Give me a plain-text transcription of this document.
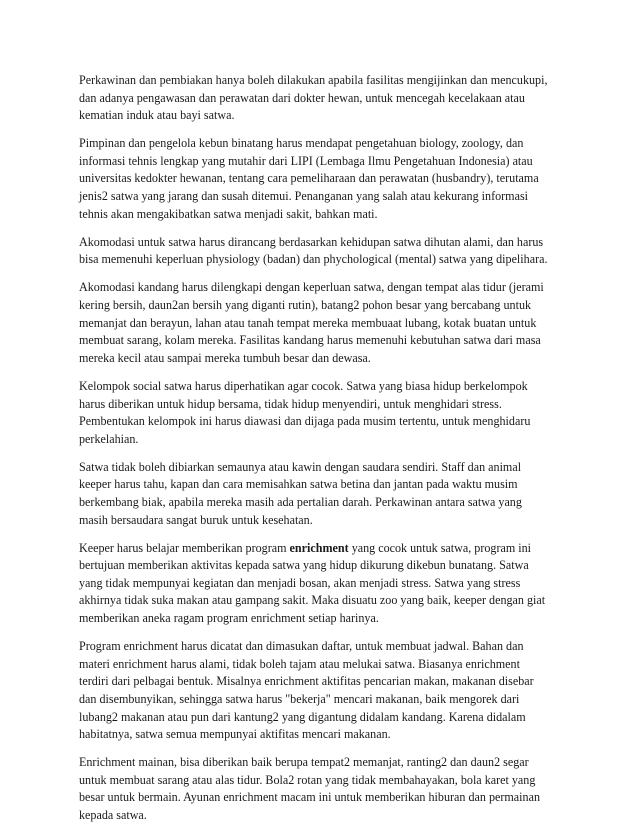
Perkawinan dan pembiakan hanya boleh dilakukan apabila fasilitas mengijinkan dan mencukupi,
dan adanya pengawasan dan perawatan dari dokter hewan, untuk mencegah kecelakaan atau
kematian induk atau bayi satwa.
Pimpinan dan pengelola kebun binatang harus mendapat pengetahuan biology, zoology, dan
informasi tehnis lengkap yang mutahir dari LIPI (Lembaga Ilmu Pengetahuan Indonesia) atau
universitas kedokter hewanan, tentang cara pemeliharaan dan perawatan (husbandry), terutama
jenis2 satwa yang jarang dan susah ditemui. Penanganan yang salah atau kekurang informasi
tehnis akan mengakibatkan satwa menjadi sakit, bahkan mati.
Akomodasi untuk satwa harus dirancang berdasarkan kehidupan satwa dihutan alami, dan harus
bisa memenuhi keperluan physiology (badan) dan phychological (mental) satwa yang dipelihara.
Akomodasi kandang harus dilengkapi dengan keperluan satwa, dengan tempat alas tidur (jerami
kering bersih, daun2an bersih yang diganti rutin), batang2 pohon besar yang bercabang untuk
memanjat dan berayun, lahan atau tanah tempat mereka membuaat lubang, kotak buatan untuk
membuat sarang, kolam mereka. Fasilitas kandang harus memenuhi kebutuhan satwa dari masa
mereka kecil atau sampai mereka tumbuh besar dan dewasa.
Kelompok social satwa harus diperhatikan agar cocok. Satwa yang biasa hidup berkelompok
harus diberikan untuk hidup bersama, tidak hidup menyendiri, untuk menghidari stress.
Pembentukan kelompok ini harus diawasi dan dijaga pada musim tertentu, untuk menghidaru
perkelahian.
Satwa tidak boleh dibiarkan semaunya atau kawin dengan saudara sendiri. Staff dan animal
keeper harus tahu, kapan dan cara memisahkan satwa betina dan jantan pada waktu musim
berkembang biak, apabila mereka masih ada pertalian darah. Perkawinan antara satwa yang
masih bersaudara sangat buruk untuk kesehatan.
Keeper harus belajar memberikan program enrichment yang cocok untuk satwa, program ini
bertujuan memberikan aktivitas kepada satwa yang hidup dikurung dikebun bunatang. Satwa
yang tidak mempunyai kegiatan dan menjadi bosan, akan menjadi stress. Satwa yang stress
akhirnya tidak suka makan atau gampang sakit. Maka disuatu zoo yang baik, keeper dengan giat
memberikan aneka ragam program enrichment setiap harinya.
Program enrichment harus dicatat dan dimasukan daftar, untuk membuat jadwal. Bahan dan
materi enrichment harus alami, tidak boleh tajam atau melukai satwa. Biasanya enrichment
terdiri dari pelbagai bentuk. Misalnya enrichment aktifitas pencarian makan, makanan disebar
dan disembunyikan, sehingga satwa harus "bekerja" mencari makanan, baik mengorek dari
lubang2 makanan atau pun dari kantung2 yang digantung didalam kandang. Karena didalam
habitatnya, satwa semua mempunyai aktifitas mencari makanan.
Enrichment mainan, bisa diberikan baik berupa tempat2 memanjat, ranting2 dan daun2 segar
untuk membuat sarang atau alas tidur. Bola2 rotan yang tidak membahayakan, bola karet yang
besar untuk bermain. Ayunan enrichment macam ini untuk memberikan hiburan dan permainan
kepada satwa.
